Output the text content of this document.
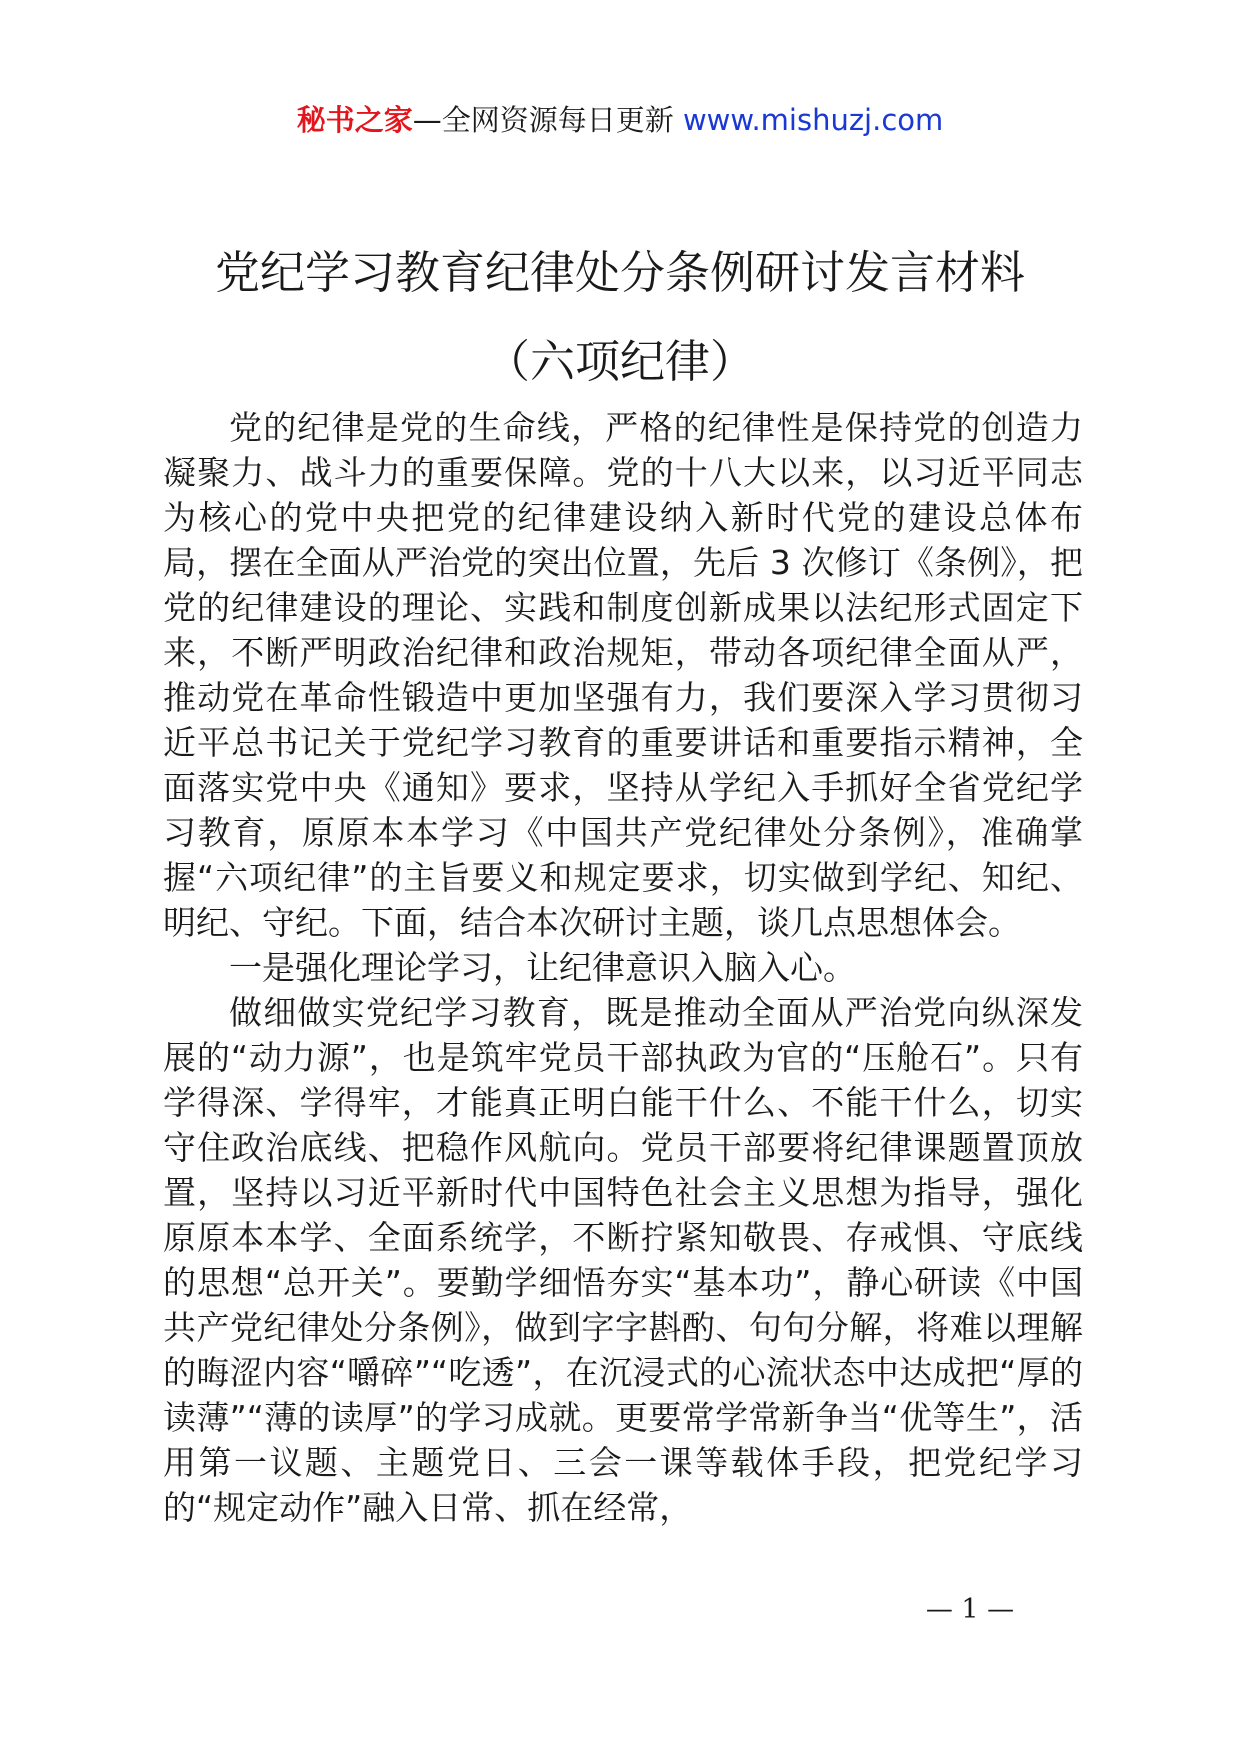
秘书之家—全网资源每日更新 www.mishuzj.com
党纪学习教育纪律处分条例研讨发言材料
（六项纪律）

党的纪律是党的生命线，严格的纪律性是保持党的创造力凝聚力、战斗力的重要保障。党的十八大以来，以习近平同志为核心的党中央把党的纪律建设纳入新时代党的建设总体布局，摆在全面从严治党的突出位置，先后 3 次修订《条例》，把党的纪律建设的理论、实践和制度创新成果以法纪形式固定下来，不断严明政治纪律和政治规矩，带动各项纪律全面从严，推动党在革命性锻造中更加坚强有力，我们要深入学习贯彻习近平总书记关于党纪学习教育的重要讲话和重要指示精神，全面落实党中央《通知》要求，坚持从学纪入手抓好全省党纪学习教育，原原本本学习《中国共产党纪律处分条例》，准确掌握“六项纪律”的主旨要义和规定要求，切实做到学纪、知纪、明纪、守纪。下面，结合本次研讨主题，谈几点思想体会。

一是强化理论学习，让纪律意识入脑入心。

做细做实党纪学习教育，既是推动全面从严治党向纵深发展的“动力源”，也是筑牢党员干部执政为官的“压舱石”。只有学得深、学得牢，才能真正明白能干什么、不能干什么，切实守住政治底线、把稳作风航向。党员干部要将纪律课题置顶放置，坚持以习近平新时代中国特色社会主义思想为指导，强化原原本本学、全面系统学，不断拧紧知敬畏、存戒惧、守底线的思想“总开关”。要勤学细悟夯实“基本功”，静心研读《中国共产党纪律处分条例》，做到字字斟酌、句句分解，将难以理解的晦涩内容“嚼碎”“吃透”，在沉浸式的心流状态中达成把“厚的读薄”“薄的读厚”的学习成就。更要常学常新争当“优等生”，活用第一议题、主题党日、三会一课等载体手段，把党纪学习的“规定动作”融入日常、抓在经常，

— 1 —
